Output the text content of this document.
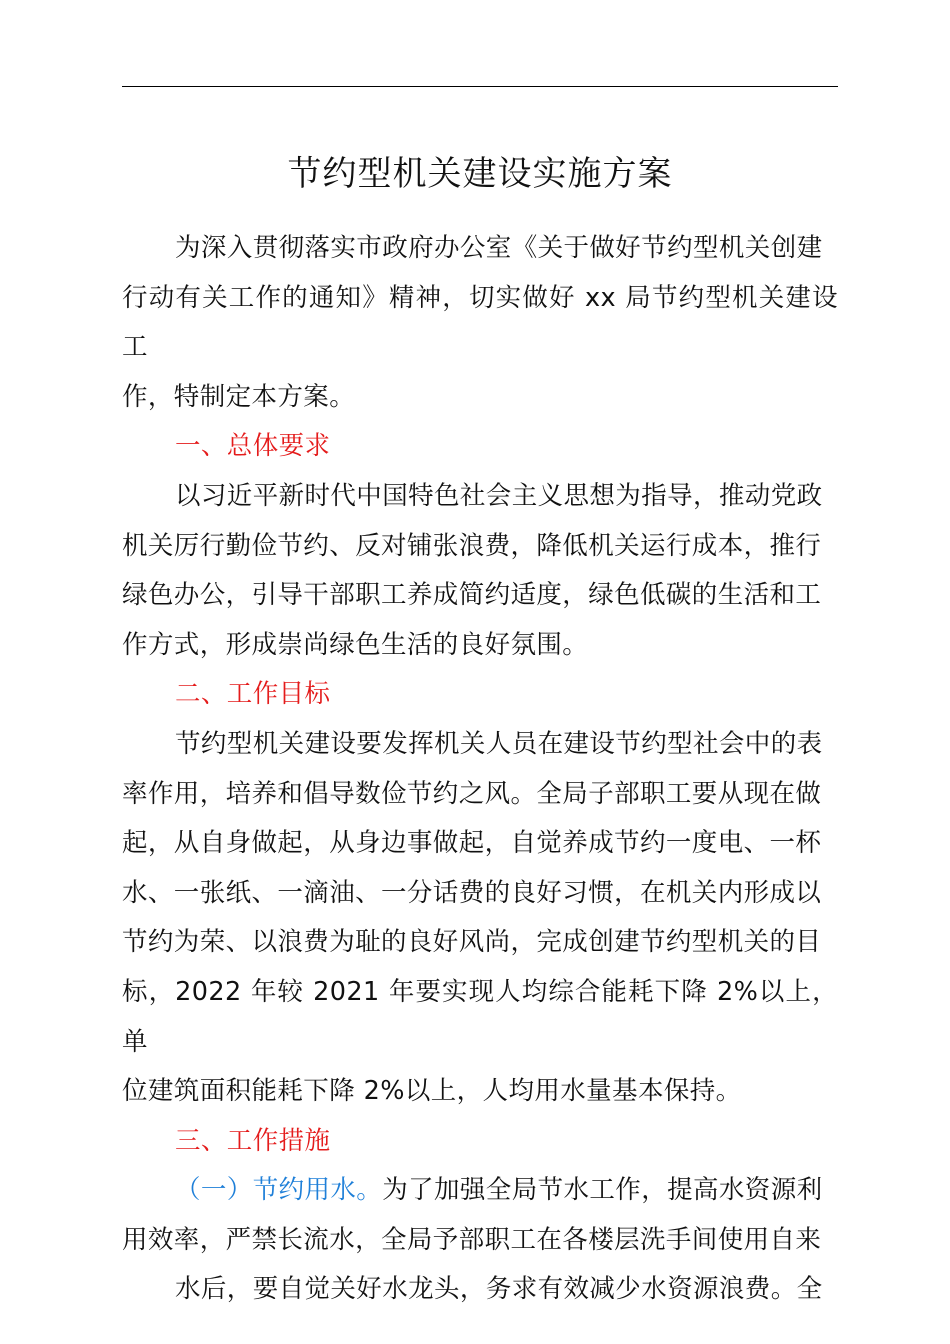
节约型机关建设实施方案

为深入贯彻落实市政府办公室《关于做好节约型机关创建
行动有关工作的通知》精神，切实做好 xx 局节约型机关建设工
作，特制定本方案。

一、总体要求

以习近平新时代中国特色社会主义思想为指导，推动党政
机关厉行勤俭节约、反对铺张浪费，降低机关运行成本，推行
绿色办公，引导干部职工养成简约适度，绿色低碳的生活和工
作方式，形成崇尚绿色生活的良好氛围。

二、工作目标

节约型机关建设要发挥机关人员在建设节约型社会中的表
率作用，培养和倡导数俭节约之风。全局子部职工要从现在做
起，从自身做起，从身边事做起，自觉养成节约一度电、一杯
水、一张纸、一滴油、一分话费的良好习惯，在机关内形成以
节约为荣、以浪费为耻的良好风尚，完成创建节约型机关的目
标，2022 年较 2021 年要实现人均综合能耗下降 2%以上，单
位建筑面积能耗下降 2%以上，人均用水量基本保持。

三、工作措施

（一）节约用水。为了加强全局节水工作，提高水资源利
用效率，严禁长流水，全局予部职工在各楼层洗手间使用自来

水后，要自觉关好水龙头，务求有效减少水资源浪费。全
